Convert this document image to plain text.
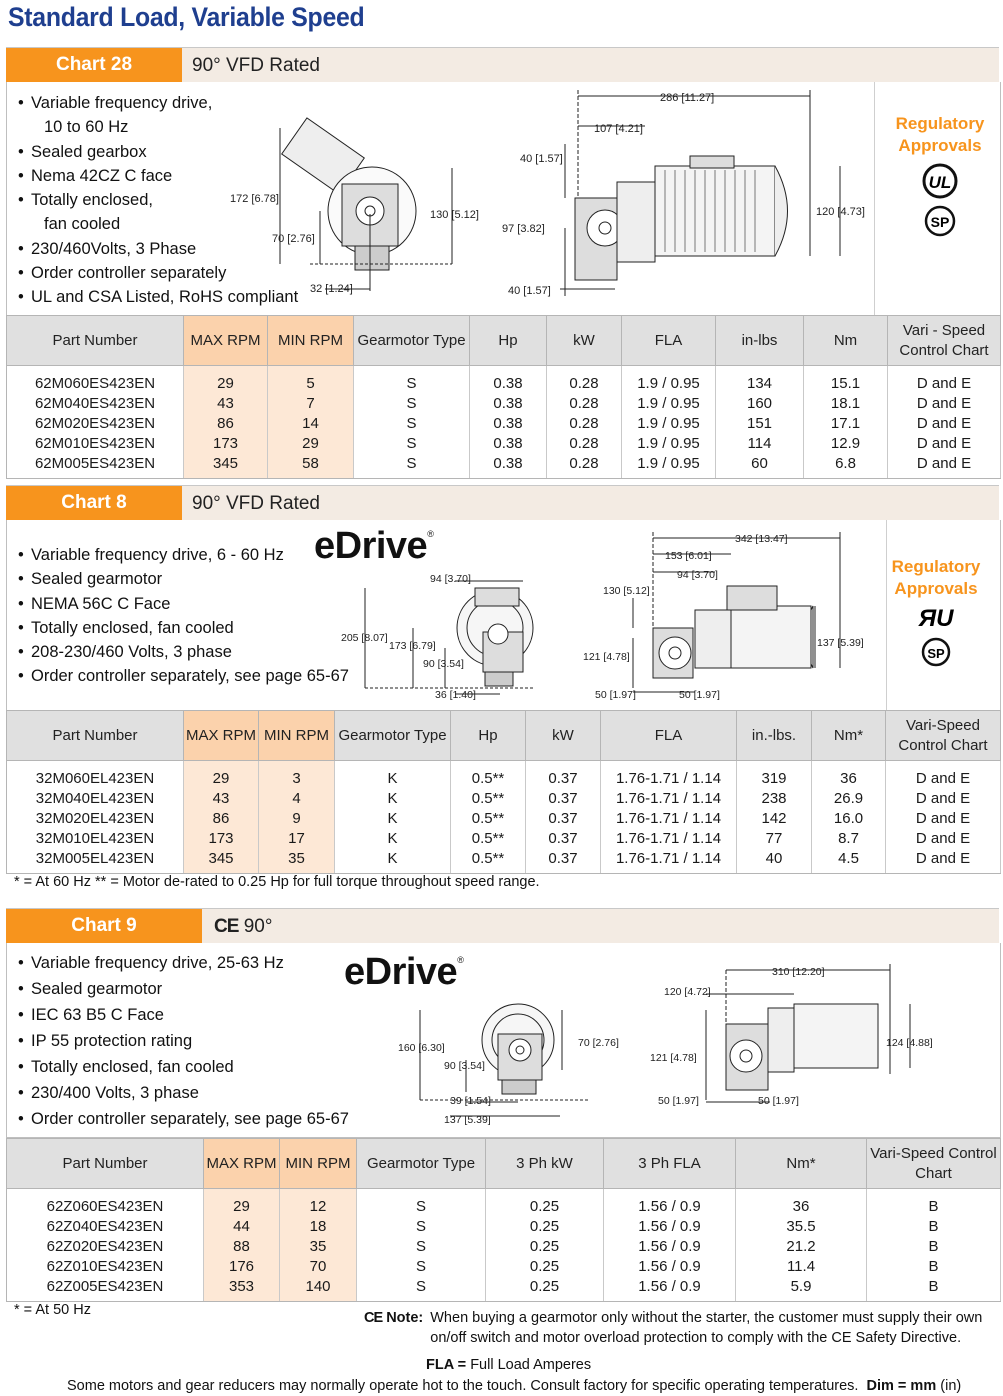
Standard Load, Variable Speed
Chart 28	90° VFD Rated
• Variable frequency drive,
10 to 60 Hz
• Sealed gearbox
• Nema 42CZ C face
• Totally enclosed,
fan cooled
• 230/460Volts, 3 Phase
• Order controller separately
• UL and CSA Listed, RoHS compliant
172 [6.78]
130 [5.12]
70 [2.76]
32 [1.24]
286 [11.27]
107 [4.21]
40 [1.57]
97 [3.82]
40 [1.57]
120 [4.73]
Regulatory
Approvals
UL
SP
Part Number	MAX RPM	MIN RPM	Gearmotor Type	Hp	kW	FLA	in-lbs	Nm	Vari - Speed Control Chart
62M060ES423EN	29	5	S	0.38	0.28	1.9 / 0.95	134	15.1	D and E
62M040ES423EN	43	7	S	0.38	0.28	1.9 / 0.95	160	18.1	D and E
62M020ES423EN	86	14	S	0.38	0.28	1.9 / 0.95	151	17.1	D and E
62M010ES423EN	173	29	S	0.38	0.28	1.9 / 0.95	114	12.9	D and E
62M005ES423EN	345	58	S	0.38	0.28	1.9 / 0.95	60	6.8	D and E
Chart 8	90° VFD Rated
eDrive®
• Variable frequency drive, 6 - 60 Hz
• Sealed gearmotor
• NEMA 56C C Face
• Totally enclosed, fan cooled
• 208-230/460 Volts, 3 phase
• Order controller separately, see page 65-67
94 [3.70]
205 [8.07]
173 [6.79]
90 [3.54]
36 [1.40]
342 [13.47]
153 [6.01]
94 [3.70]
130 [5.12]
121 [4.78]
137 [5.39]
50 [1.97]	50 [1.97]
Regulatory
Approvals
ЯU
SP
Part Number	MAX RPM	MIN RPM	Gearmotor Type	Hp	kW	FLA	in.-lbs.	Nm*	Vari-Speed Control Chart
32M060EL423EN	29	3	K	0.5**	0.37	1.76-1.71 / 1.14	319	36	D and E
32M040EL423EN	43	4	K	0.5**	0.37	1.76-1.71 / 1.14	238	26.9	D and E
32M020EL423EN	86	9	K	0.5**	0.37	1.76-1.71 / 1.14	142	16.0	D and E
32M010EL423EN	173	17	K	0.5**	0.37	1.76-1.71 / 1.14	77	8.7	D and E
32M005EL423EN	345	35	K	0.5**	0.37	1.76-1.71 / 1.14	40	4.5	D and E
* = At 60 Hz ** = Motor de-rated to 0.25 Hp for full torque throughout speed range.
Chart 9	CE 90°
eDrive®
• Variable frequency drive, 25-63 Hz
• Sealed gearmotor
• IEC 63 B5 C Face
• IP 55 protection rating
• Totally enclosed, fan cooled
• 230/400 Volts, 3 phase
• Order controller separately, see page 65-67
160 [6.30]
90 [3.54]
70 [2.76]
39 [1.54]
137 [5.39]
310 [12.20]
120 [4.72]
121 [4.78]
124 [4.88]
50 [1.97]	50 [1.97]
Part Number	MAX RPM	MIN RPM	Gearmotor Type	3 Ph kW	3 Ph FLA	Nm*	Vari-Speed Control Chart
62Z060ES423EN	29	12	S	0.25	1.56 / 0.9	36	B
62Z040ES423EN	44	18	S	0.25	1.56 / 0.9	35.5	B
62Z020ES423EN	88	35	S	0.25	1.56 / 0.9	21.2	B
62Z010ES423EN	176	70	S	0.25	1.56 / 0.9	11.4	B
62Z005ES423EN	353	140	S	0.25	1.56 / 0.9	5.9	B
* = At 50 Hz	CE Note: When buying a gearmotor only without the starter, the customer must supply their own
on/off switch and motor overload protection to comply with the CE Safety Directive.
FLA = Full Load Amperes
Some motors and gear reducers may normally operate hot to the touch. Consult factory for specific operating temperatures. Dim = mm (in)
